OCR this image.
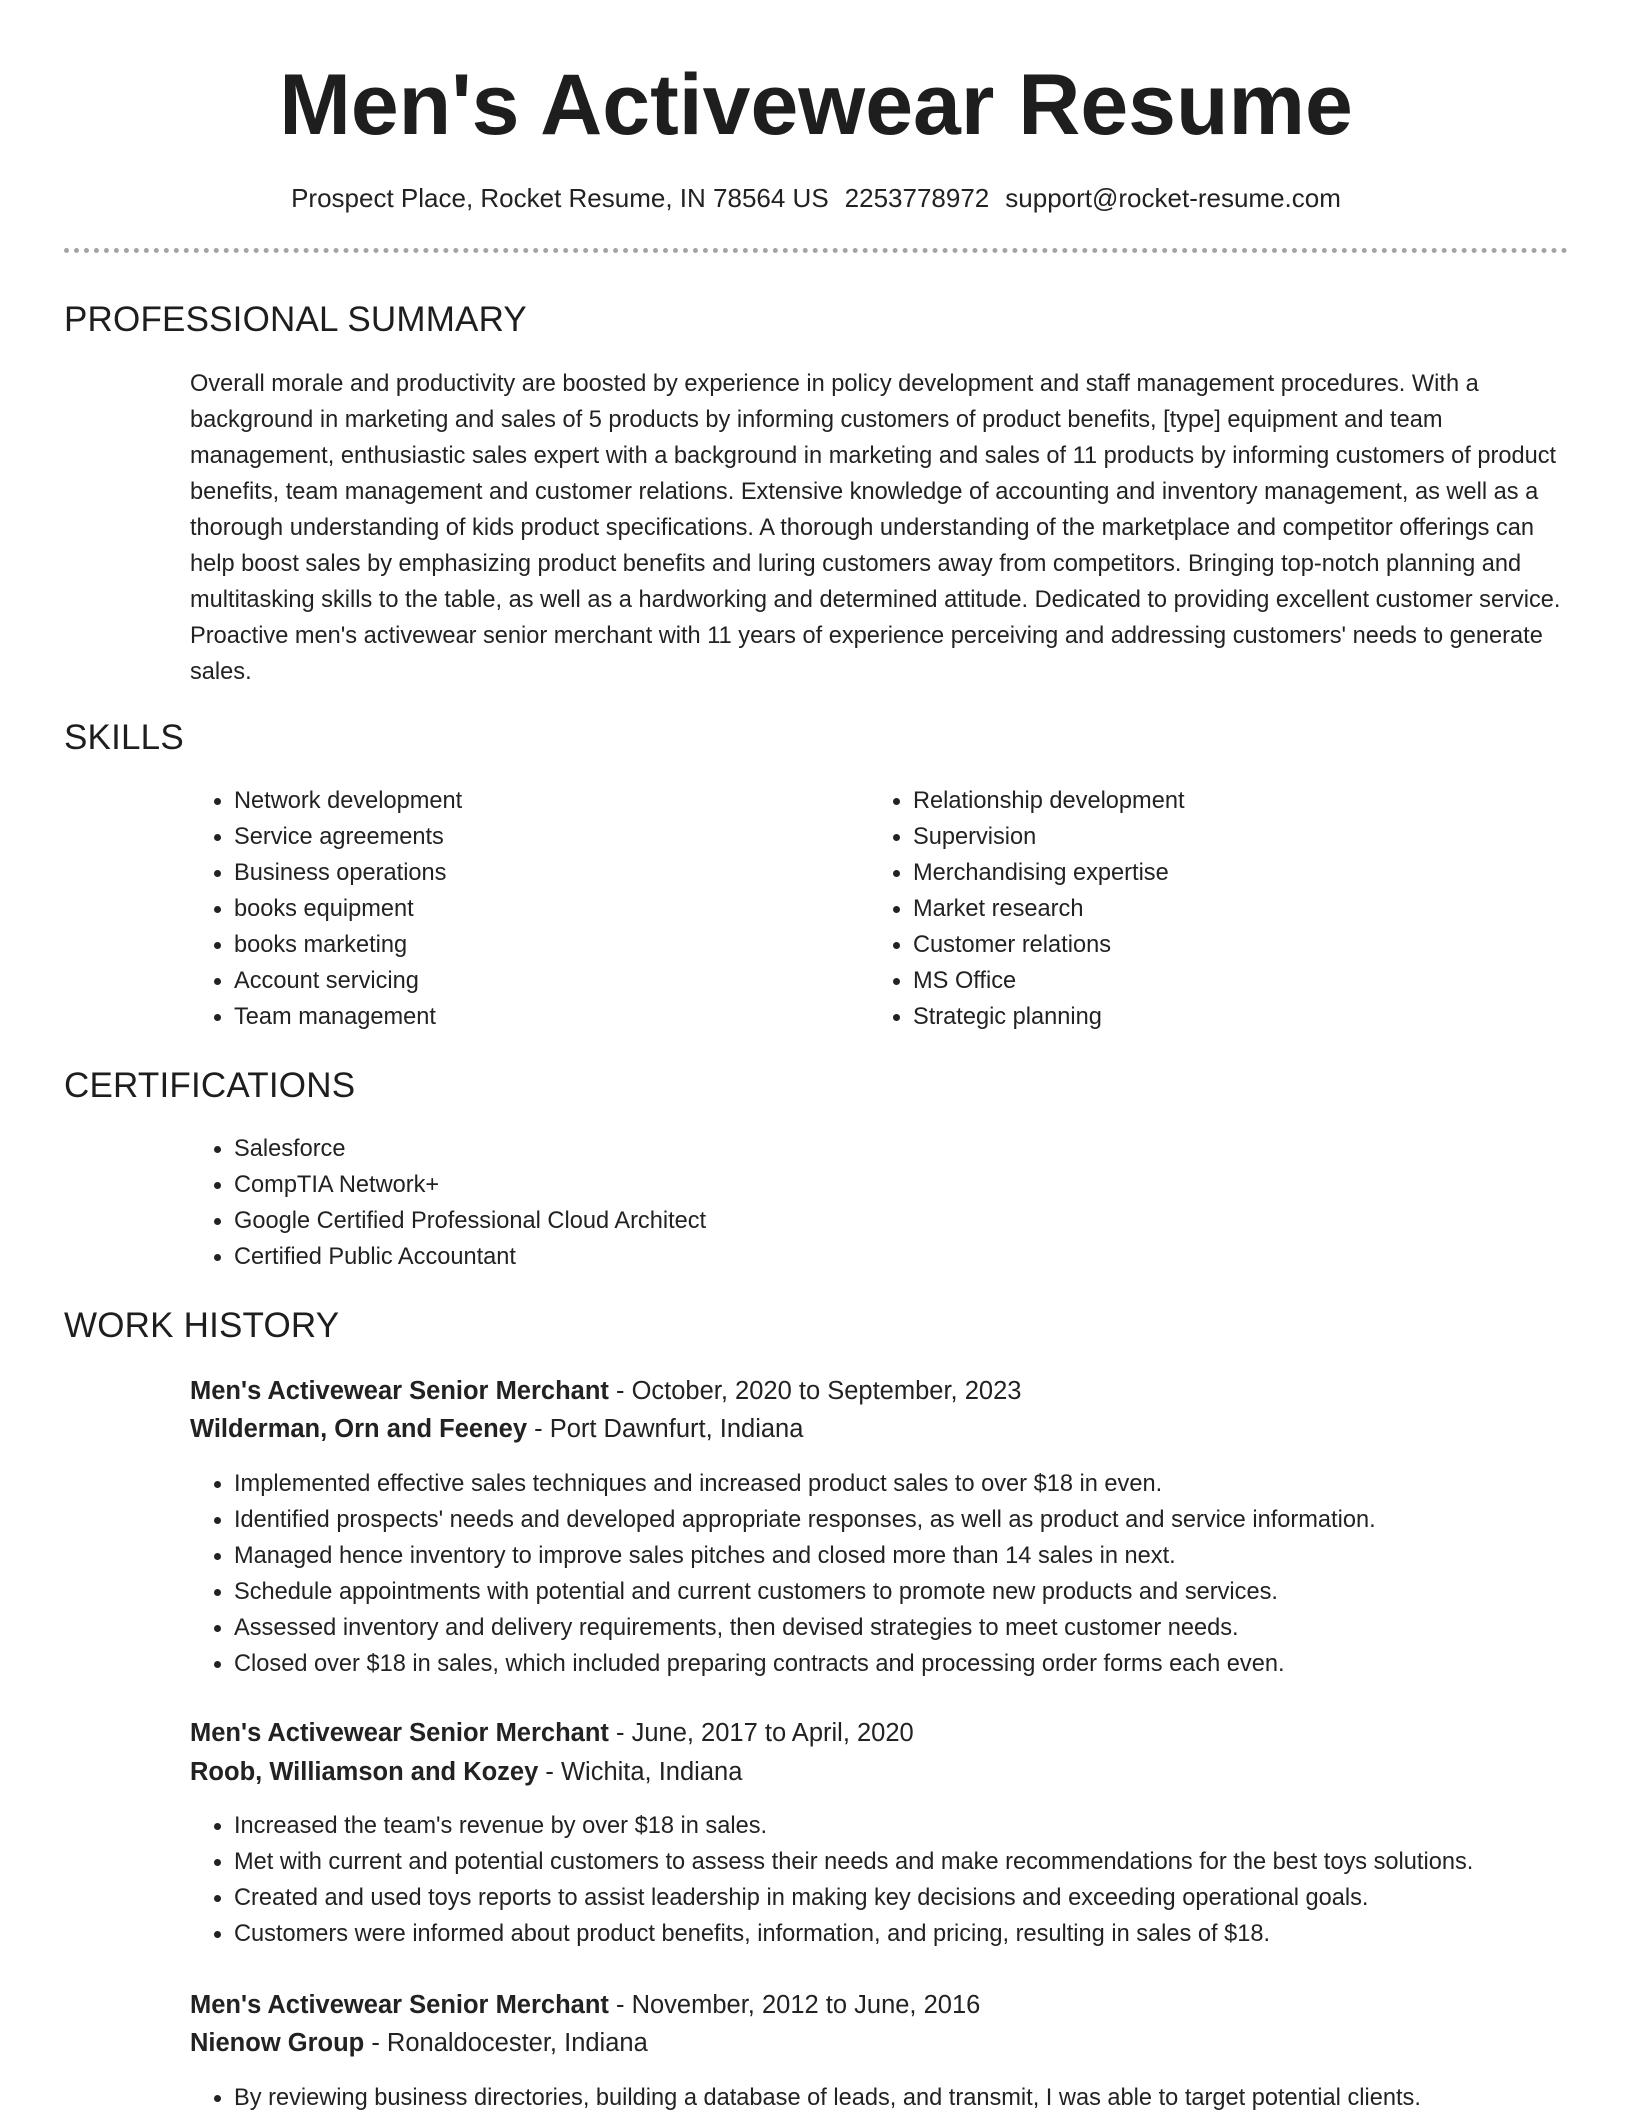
Men's Activewear Resume
Prospect Place, Rocket Resume, IN 78564 US 2253778972 support@rocket-resume.com
PROFESSIONAL SUMMARY

Overall morale and productivity are boosted by experience in policy development and staff management procedures. With a background in marketing and sales of 5 products by informing customers of product benefits, [type] equipment and team management, enthusiastic sales expert with a background in marketing and sales of 11 products by informing customers of product benefits, team management and customer relations. Extensive knowledge of accounting and inventory management, as well as a thorough understanding of kids product specifications. A thorough understanding of the marketplace and competitor offerings can help boost sales by emphasizing product benefits and luring customers away from competitors. Bringing top-notch planning and multitasking skills to the table, as well as a hardworking and determined attitude. Dedicated to providing excellent customer service. Proactive men's activewear senior merchant with 11 years of experience perceiving and addressing customers' needs to generate sales.

SKILLS
• Network development
• Service agreements
• Business operations
• books equipment
• books marketing
• Account servicing
• Team management
• Relationship development
• Supervision
• Merchandising expertise
• Market research
• Customer relations
• MS Office
• Strategic planning
CERTIFICATIONS
• Salesforce
• CompTIA Network+
• Google Certified Professional Cloud Architect
• Certified Public Accountant
WORK HISTORY
Men's Activewear Senior Merchant - October, 2020 to September, 2023
Wilderman, Orn and Feeney - Port Dawnfurt, Indiana
• Implemented effective sales techniques and increased product sales to over $18 in even.
• Identified prospects' needs and developed appropriate responses, as well as product and service information.
• Managed hence inventory to improve sales pitches and closed more than 14 sales in next.
• Schedule appointments with potential and current customers to promote new products and services.
• Assessed inventory and delivery requirements, then devised strategies to meet customer needs.
• Closed over $18 in sales, which included preparing contracts and processing order forms each even.
Men's Activewear Senior Merchant - June, 2017 to April, 2020
Roob, Williamson and Kozey - Wichita, Indiana
• Increased the team's revenue by over $18 in sales.
• Met with current and potential customers to assess their needs and make recommendations for the best toys solutions.
• Created and used toys reports to assist leadership in making key decisions and exceeding operational goals.
• Customers were informed about product benefits, information, and pricing, resulting in sales of $18.
Men's Activewear Senior Merchant - November, 2012 to June, 2016
Nienow Group - Ronaldocester, Indiana
• By reviewing business directories, building a database of leads, and transmit, I was able to target potential clients.
